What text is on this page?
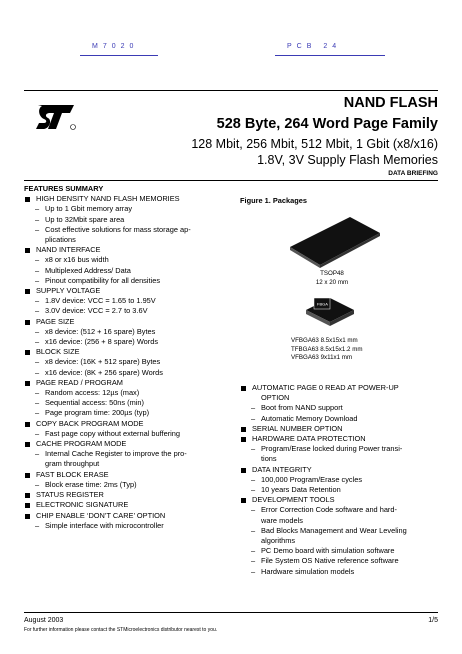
M7020	PCB 24
NAND FLASH
528 Byte, 264 Word Page Family
128 Mbit, 256 Mbit, 512 Mbit, 1 Gbit (x8/x16)
1.8V, 3V Supply Flash Memories
DATA BRIEFING
FEATURES SUMMARY
HIGH DENSITY NAND FLASH MEMORIES
– Up to 1 Gbit memory array
– Up to 32Mbit spare area
– Cost effective solutions for mass storage ap-
plications
NAND INTERFACE
– x8 or x16 bus width
– Multiplexed Address/ Data
– Pinout compatibility for all densities
SUPPLY VOLTAGE
– 1.8V device: VCC = 1.65 to 1.95V
– 3.0V device: VCC = 2.7 to 3.6V
PAGE SIZE
– x8 device: (512 + 16 spare) Bytes
– x16 device: (256 + 8 spare) Words
BLOCK SIZE
– x8 device: (16K + 512 spare) Bytes
– x16 device: (8K + 256 spare) Words
PAGE READ / PROGRAM
– Random access: 12µs (max)
– Sequential access: 50ns (min)
– Page program time: 200µs (typ)
COPY BACK PROGRAM MODE
– Fast page copy without external buffering
CACHE PROGRAM MODE
– Internal Cache Register to improve the pro-
gram throughput
FAST BLOCK ERASE
– Block erase time: 2ms (Typ)
STATUS REGISTER
ELECTRONIC SIGNATURE
CHIP ENABLE ‘DON’T CARE’ OPTION
– Simple interface with microcontroller
Figure 1. Packages
TSOP48
12 x 20 mm
FBGA
VFBGA63 8.5x15x1 mm
TFBGA63 8.5x15x1.2 mm
VFBGA63 9x11x1 mm
AUTOMATIC PAGE 0 READ AT POWER-UP
OPTION
– Boot from NAND support
– Automatic Memory Download
SERIAL NUMBER OPTION
HARDWARE DATA PROTECTION
– Program/Erase locked during Power transi-
tions
DATA INTEGRITY
– 100,000 Program/Erase cycles
– 10 years Data Retention
DEVELOPMENT TOOLS
– Error Correction Code software and hard-
ware models
– Bad Blocks Management and Wear Leveling
algorithms
– PC Demo board with simulation software
– File System OS Native reference software
– Hardware simulation models
August 2003	1/5
For further information please contact the STMicroelectronics distributor nearest to you.
